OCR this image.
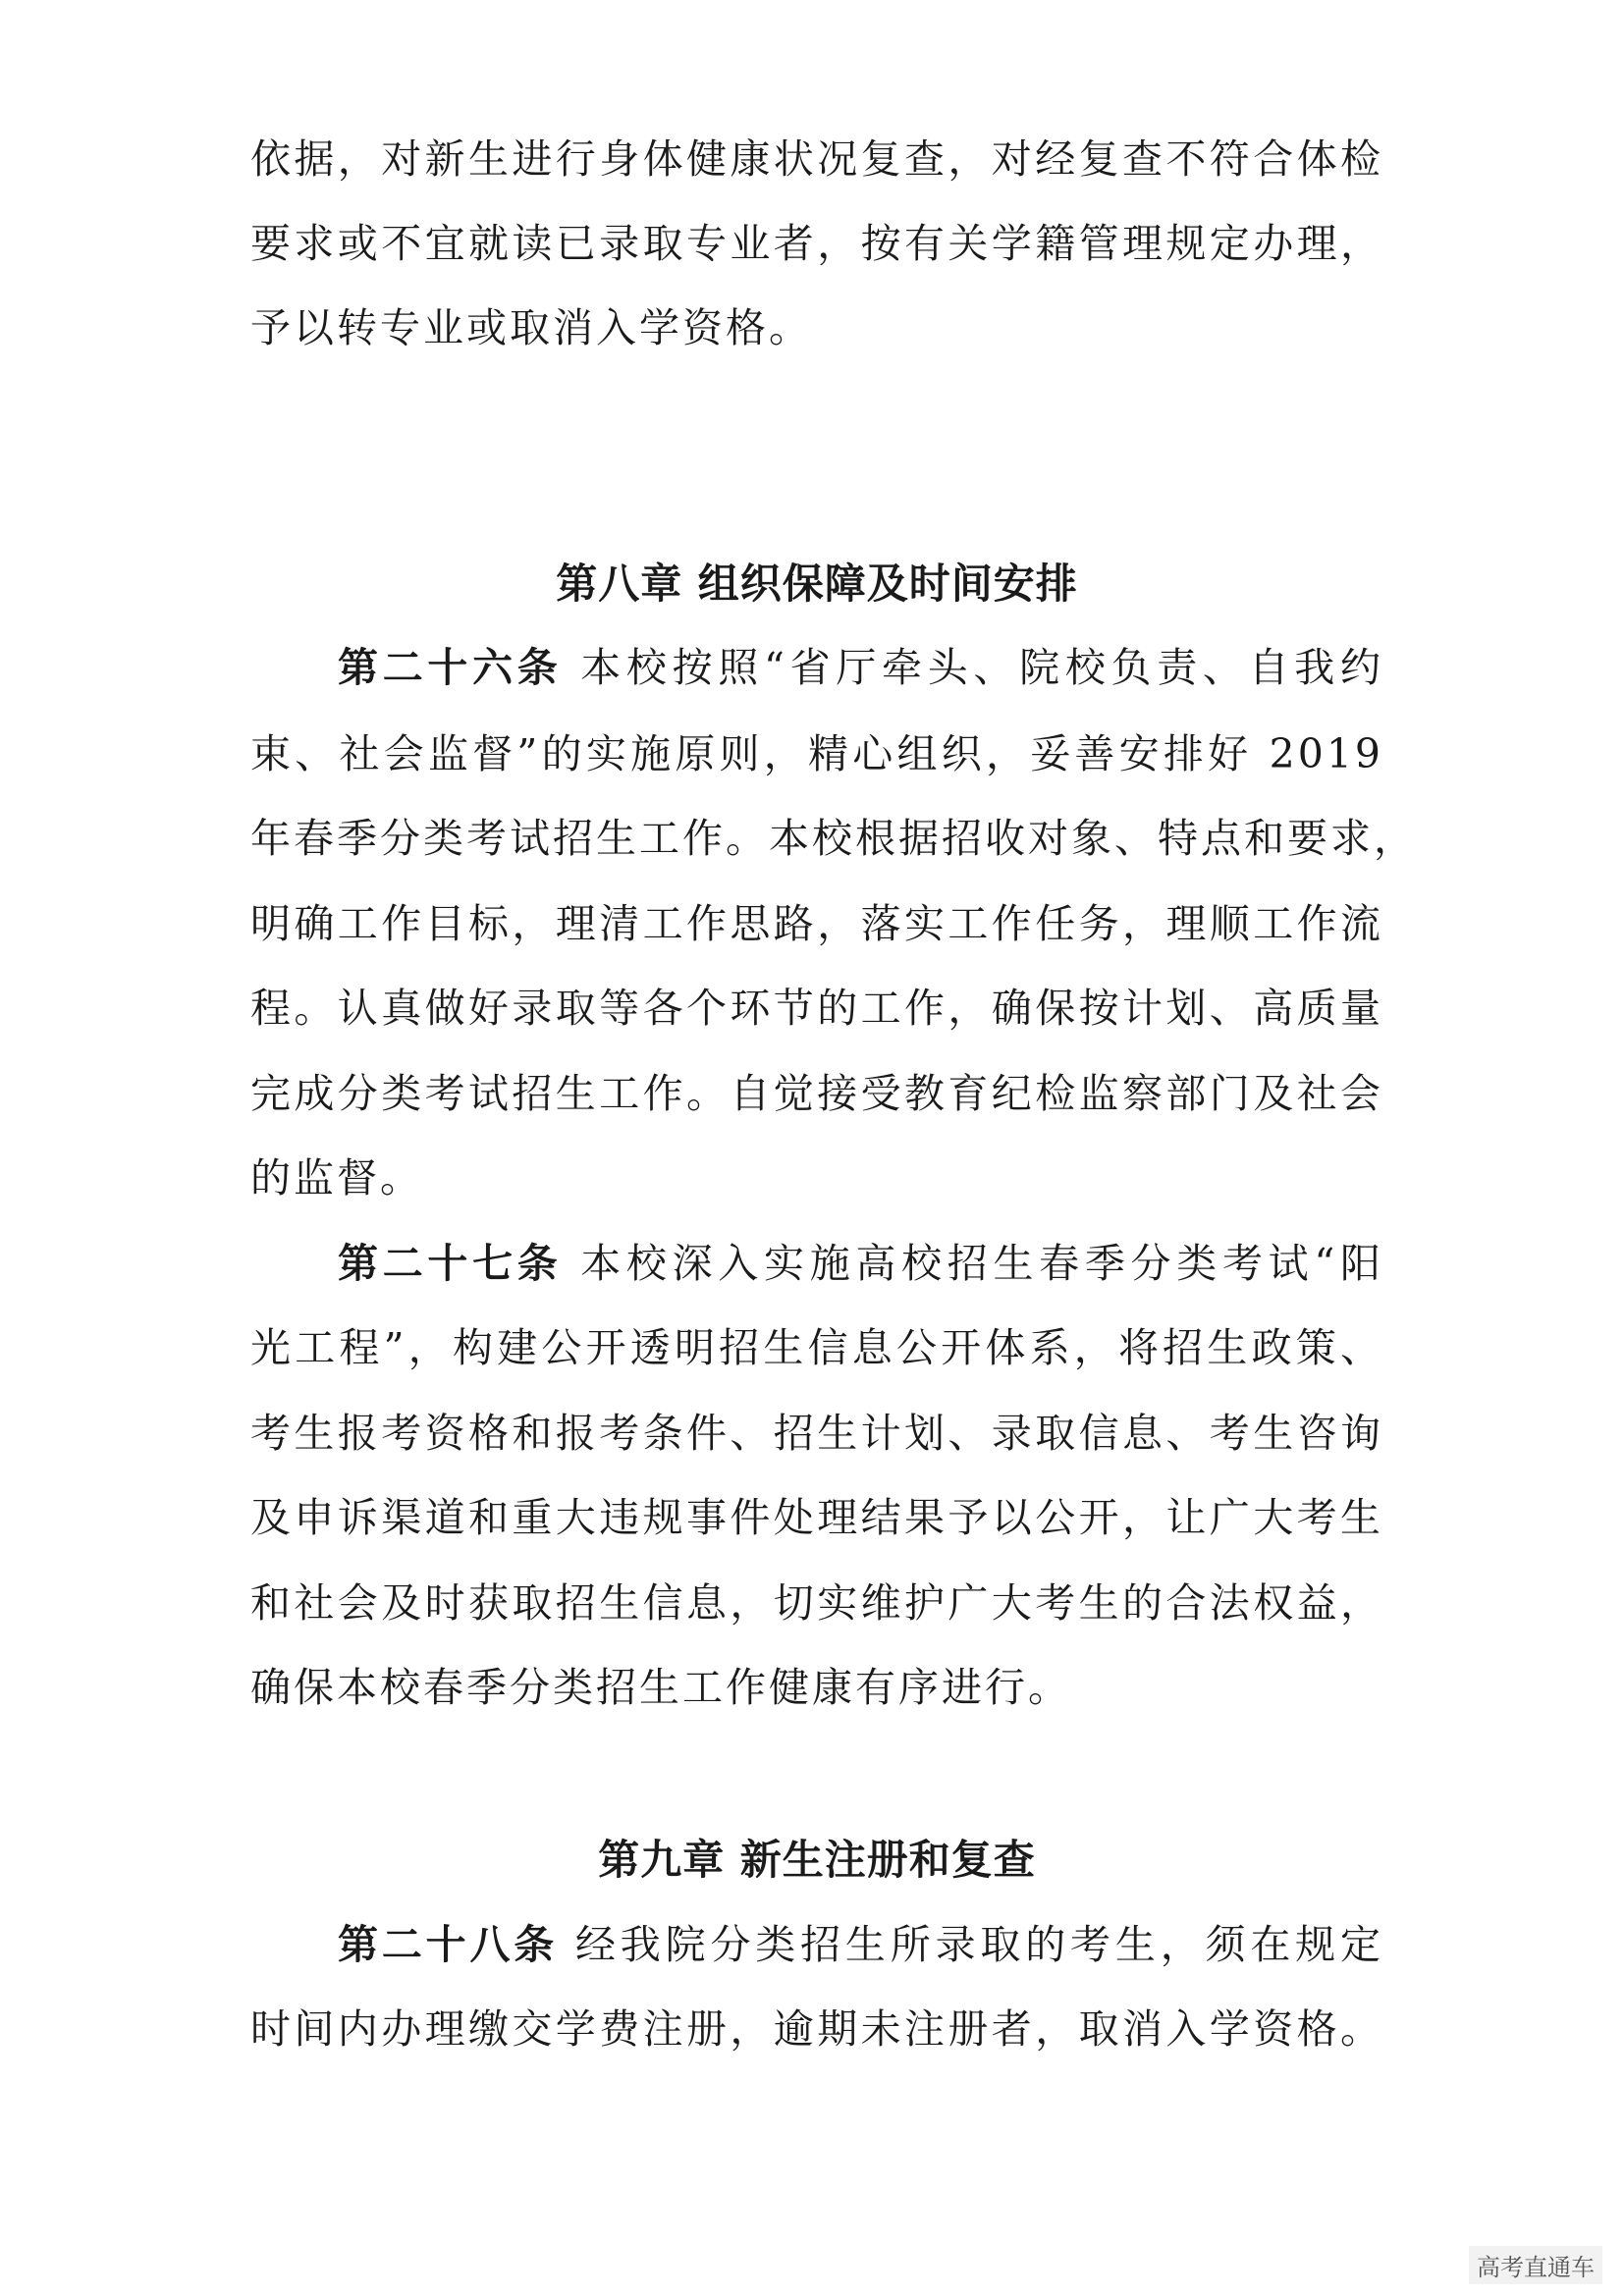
依据，对新生进行身体健康状况复查，对经复查不符合体检
要求或不宜就读已录取专业者，按有关学籍管理规定办理，
予以转专业或取消入学资格。
第八章 组织保障及时间安排
第二十六条 本校按照“省厅牵头、院校负责、自我约
束、社会监督”的实施原则，精心组织，妥善安排好 2019
年春季分类考试招生工作。本校根据招收对象、特点和要求，
明确工作目标，理清工作思路，落实工作任务，理顺工作流
程。认真做好录取等各个环节的工作，确保按计划、高质量
完成分类考试招生工作。自觉接受教育纪检监察部门及社会
的监督。
第二十七条 本校深入实施高校招生春季分类考试“阳
光工程”，构建公开透明招生信息公开体系，将招生政策、
考生报考资格和报考条件、招生计划、录取信息、考生咨询
及申诉渠道和重大违规事件处理结果予以公开，让广大考生
和社会及时获取招生信息，切实维护广大考生的合法权益，
确保本校春季分类招生工作健康有序进行。
第九章 新生注册和复查
第二十八条 经我院分类招生所录取的考生，须在规定
时间内办理缴交学费注册，逾期未注册者，取消入学资格。
高考直通车
